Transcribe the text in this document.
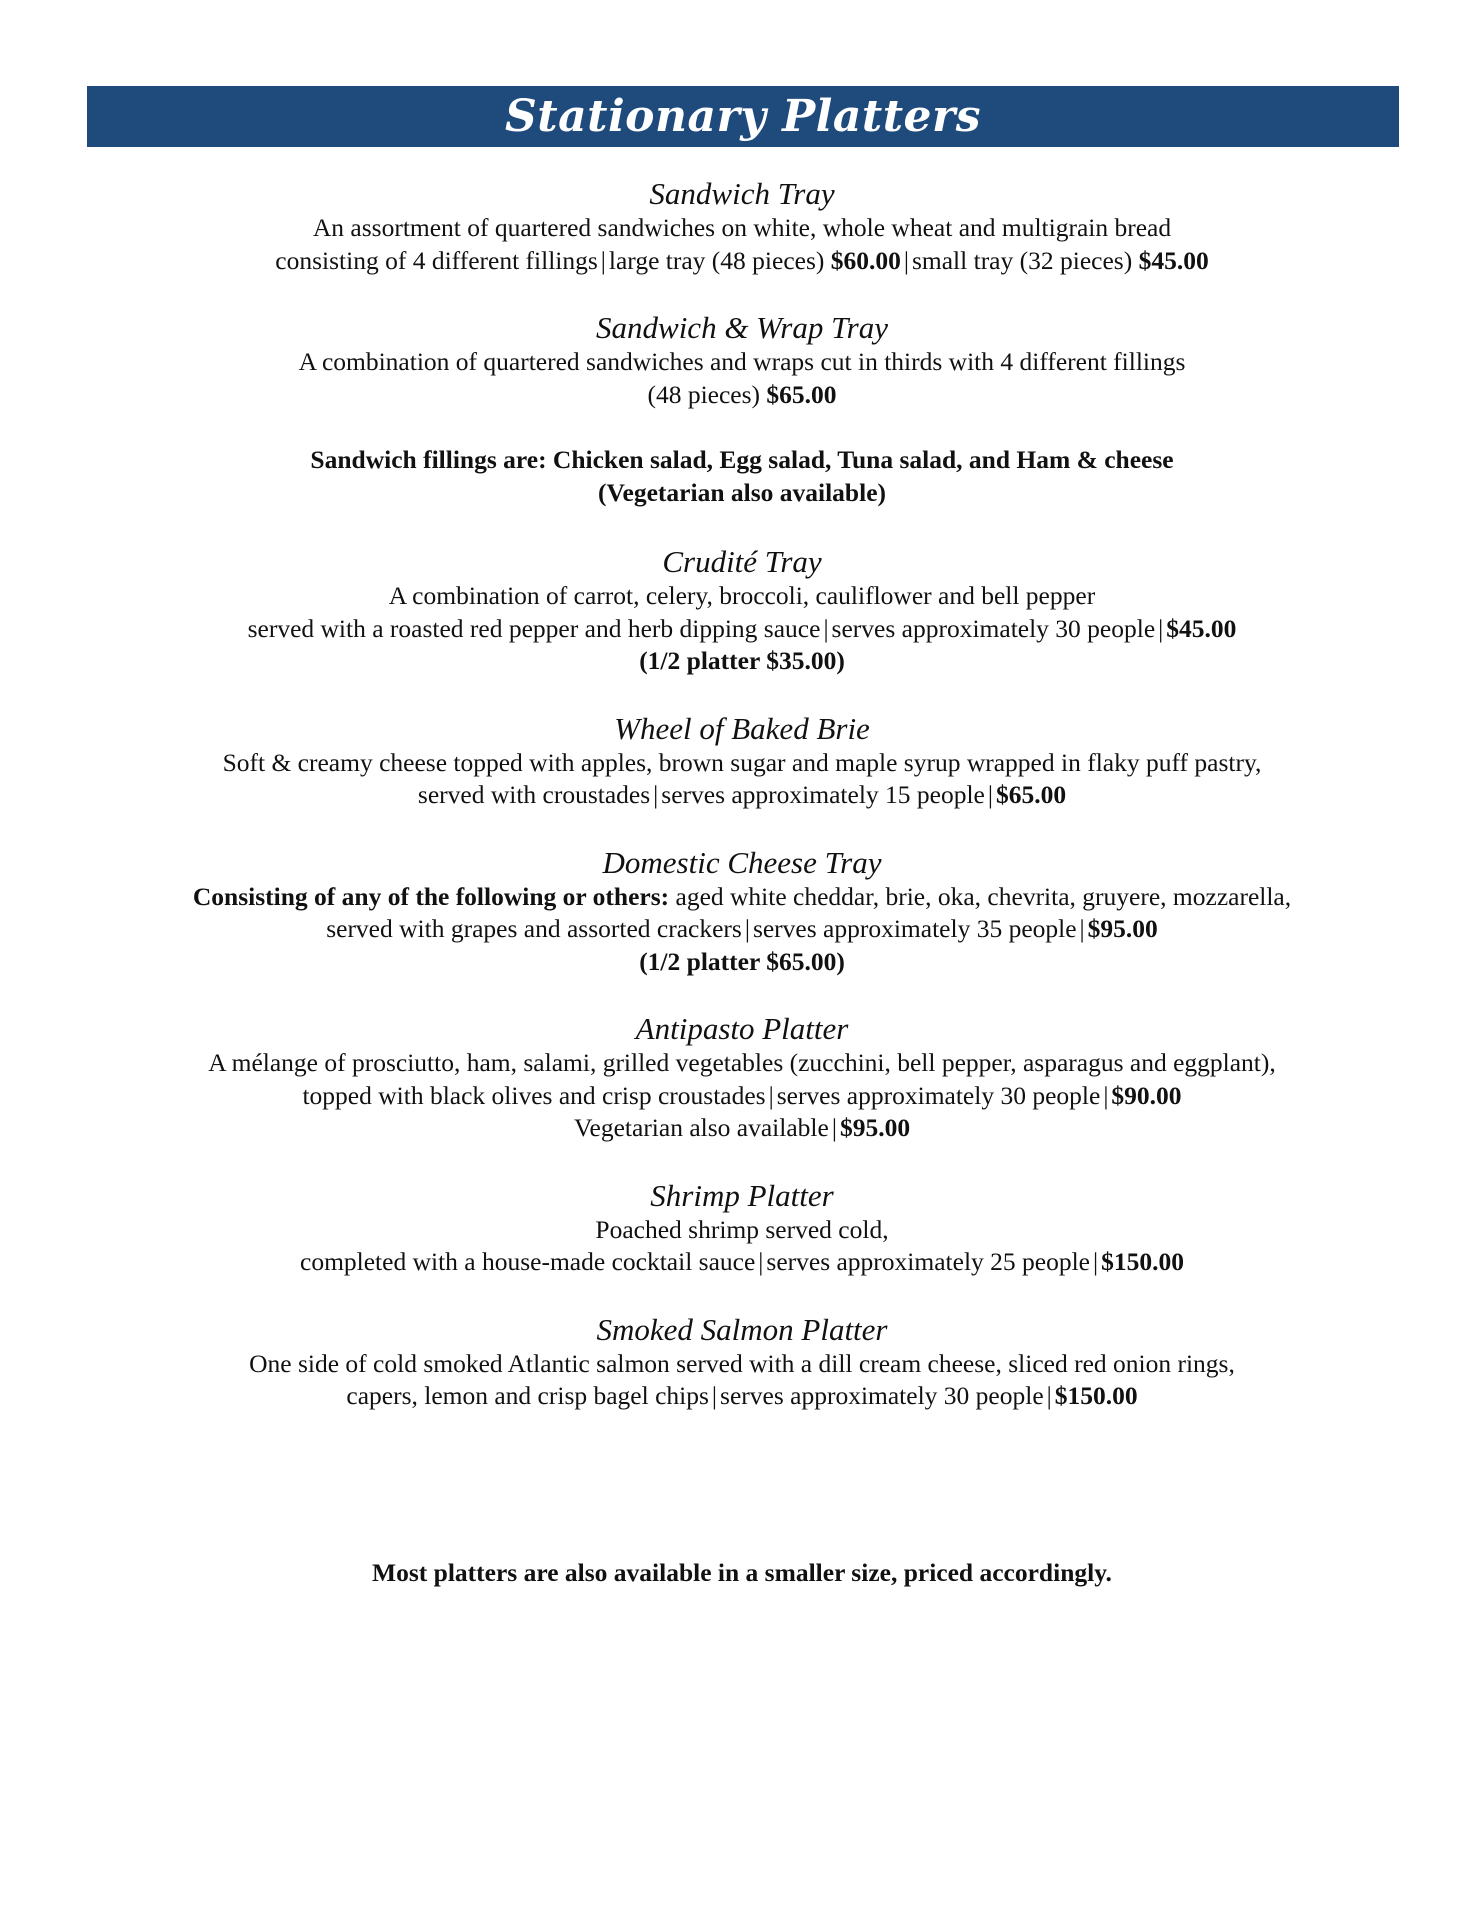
Stationary Platters

Sandwich Tray

An assortment of quartered sandwiches on white, whole wheat and multigrain bread

consisting of 4 different fillings | large tray (48 pieces) $60.00 | small tray (32 pieces) $45.00

Sandwich & Wrap Tray

A combination of quartered sandwiches and wraps cut in thirds with 4 different fillings

(48 pieces) $65.00

Sandwich fillings are: Chicken salad, Egg salad, Tuna salad, and Ham & cheese
(Vegetarian also available)

Crudité Tray

A combination of carrot, celery, broccoli, cauliflower and bell pepper

served with a roasted red pepper and herb dipping sauce | serves approximately 30 people | $45.00

(1/2 platter $35.00)

Wheel of Baked Brie

Soft & creamy cheese topped with apples, brown sugar and maple syrup wrapped in flaky puff pastry,

served with croustades | serves approximately 15 people | $65.00

Domestic Cheese Tray

Consisting of any of the following or others: aged white cheddar, brie, oka, chevrita, gruyere, mozzarella,

served with grapes and assorted crackers | serves approximately 35 people | $95.00

(1/2 platter $65.00)

Antipasto Platter

A mélange of prosciutto, ham, salami, grilled vegetables (zucchini, bell pepper, asparagus and eggplant),

topped with black olives and crisp croustades | serves approximately 30 people | $90.00

Vegetarian also available | $95.00

Shrimp Platter

Poached shrimp served cold,

completed with a house-made cocktail sauce | serves approximately 25 people | $150.00

Smoked Salmon Platter

One side of cold smoked Atlantic salmon served with a dill cream cheese, sliced red onion rings,

capers, lemon and crisp bagel chips | serves approximately 30 people | $150.00

Most platters are also available in a smaller size, priced accordingly.
